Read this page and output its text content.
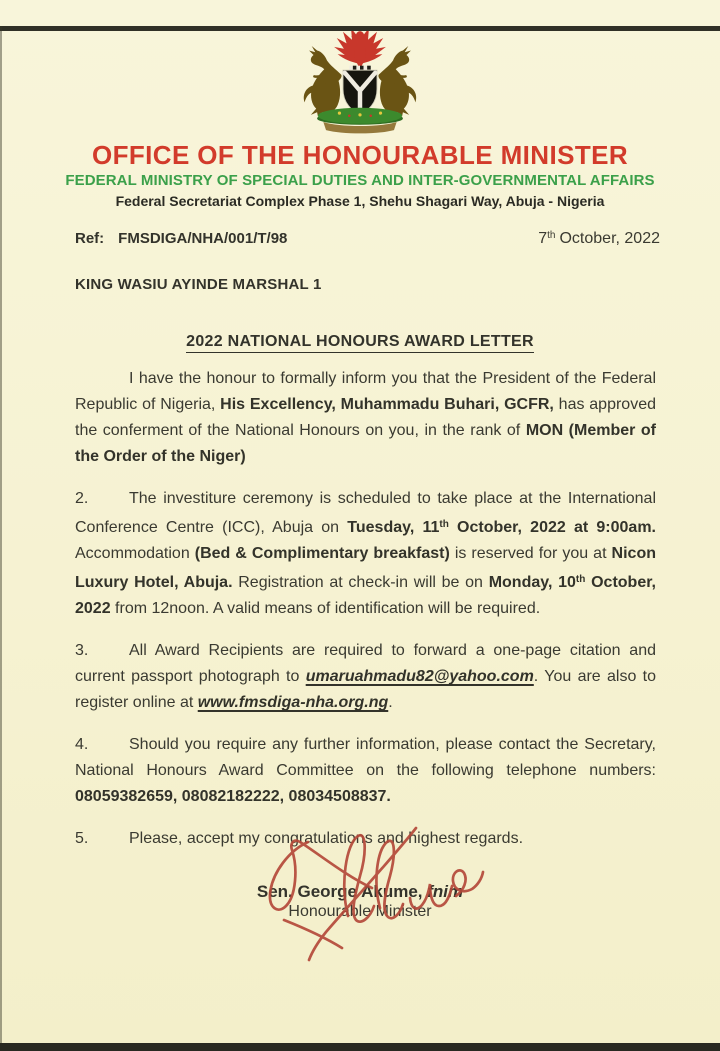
OFFICE OF THE HONOURABLE MINISTER
FEDERAL MINISTRY OF SPECIAL DUTIES AND INTER-GOVERNMENTAL AFFAIRS
Federal Secretariat Complex Phase 1, Shehu Shagari Way, Abuja - Nigeria
Ref: FMSDIGA/NHA/001/T/98	7th October, 2022
KING WASIU AYINDE MARSHAL 1
2022 NATIONAL HONOURS AWARD LETTER

I have the honour to formally inform you that the President of the Federal Republic of Nigeria, His Excellency, Muhammadu Buhari, GCFR, has approved the conferment of the National Honours on you, in the rank of MON (Member of the Order of the Niger)

2.	The investiture ceremony is scheduled to take place at the International Conference Centre (ICC), Abuja on Tuesday, 11th October, 2022 at 9:00am. Accommodation (Bed & Complimentary breakfast) is reserved for you at Nicon Luxury Hotel, Abuja. Registration at check-in will be on Monday, 10th October, 2022 from 12noon. A valid means of identification will be required.

3.	All Award Recipients are required to forward a one-page citation and current passport photograph to umaruahmadu82@yahoo.com. You are also to register online at www.fmsdiga-nha.org.ng.

4.	Should you require any further information, please contact the Secretary, National Honours Award Committee on the following telephone numbers: 08059382659, 08082182222, 08034508837.

5.	Please, accept my congratulations and highest regards.

Sen. George Akume, fnim
Honourable Minister
